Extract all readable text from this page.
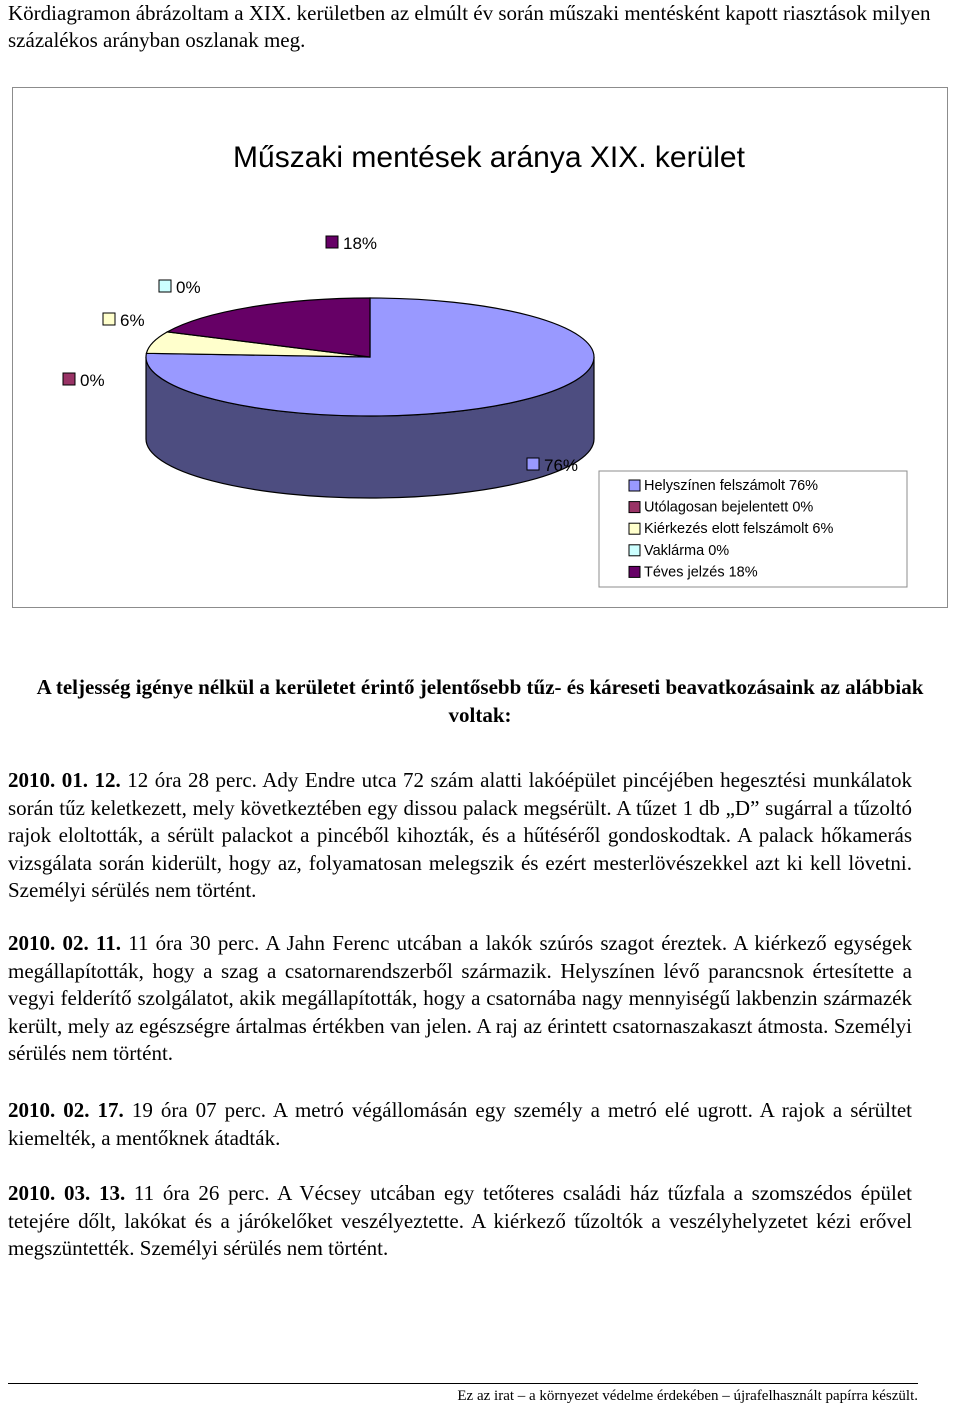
Kördiagramon ábrázoltam a XIX. kerületben az elmúlt év során műszaki mentésként kapott riasztások milyen százalékos arányban oszlanak meg.
Műszaki mentések aránya XIX. kerület
76%
0%
6%
0%
18%
Helyszínen felszámolt 76%
Utólagosan bejelentett 0%
Kiérkezés elott felszámolt 6%
Vaklárma 0%
Téves jelzés 18%
A teljesség igénye nélkül a kerületet érintő jelentősebb tűz- és káreseti beavatkozásaink az alábbiak voltak:
2010. 01. 12. 12 óra 28 perc. Ady Endre utca 72 szám alatti lakóépület pincéjében hegesztési munkálatok során tűz keletkezett, mely következtében egy dissou palack megsérült. A tűzet 1 db „D” sugárral a tűzoltó rajok eloltották, a sérült palackot a pincéből kihozták, és a hűtéséről gondoskodtak. A palack hőkamerás vizsgálata során kiderült, hogy az, folyamatosan melegszik és ezért mesterlövészekkel azt ki kell lövetni. Személyi sérülés nem történt.
2010. 02. 11. 11 óra 30 perc. A Jahn Ferenc utcában a lakók szúrós szagot éreztek. A kiérkező egységek megállapították, hogy a szag a csatornarendszerből származik. Helyszínen lévő parancsnok értesítette a vegyi felderítő szolgálatot, akik megállapították, hogy a csatornába nagy mennyiségű lakbenzin származék került, mely az egészségre ártalmas értékben van jelen. A raj az érintett csatornaszakaszt átmosta. Személyi sérülés nem történt.
2010. 02. 17. 19 óra 07 perc. A metró végállomásán egy személy a metró elé ugrott. A rajok a sérültet kiemelték, a mentőknek átadták.
2010. 03. 13. 11 óra 26 perc. A Vécsey utcában egy tetőteres családi ház tűzfala a szomszédos épület tetejére dőlt, lakókat és a járókelőket veszélyeztette. A kiérkező tűzoltók a veszélyhelyzetet kézi erővel megszüntették. Személyi sérülés nem történt.
Ez az irat – a környezet védelme érdekében – újrafelhasznált papírra készült.
